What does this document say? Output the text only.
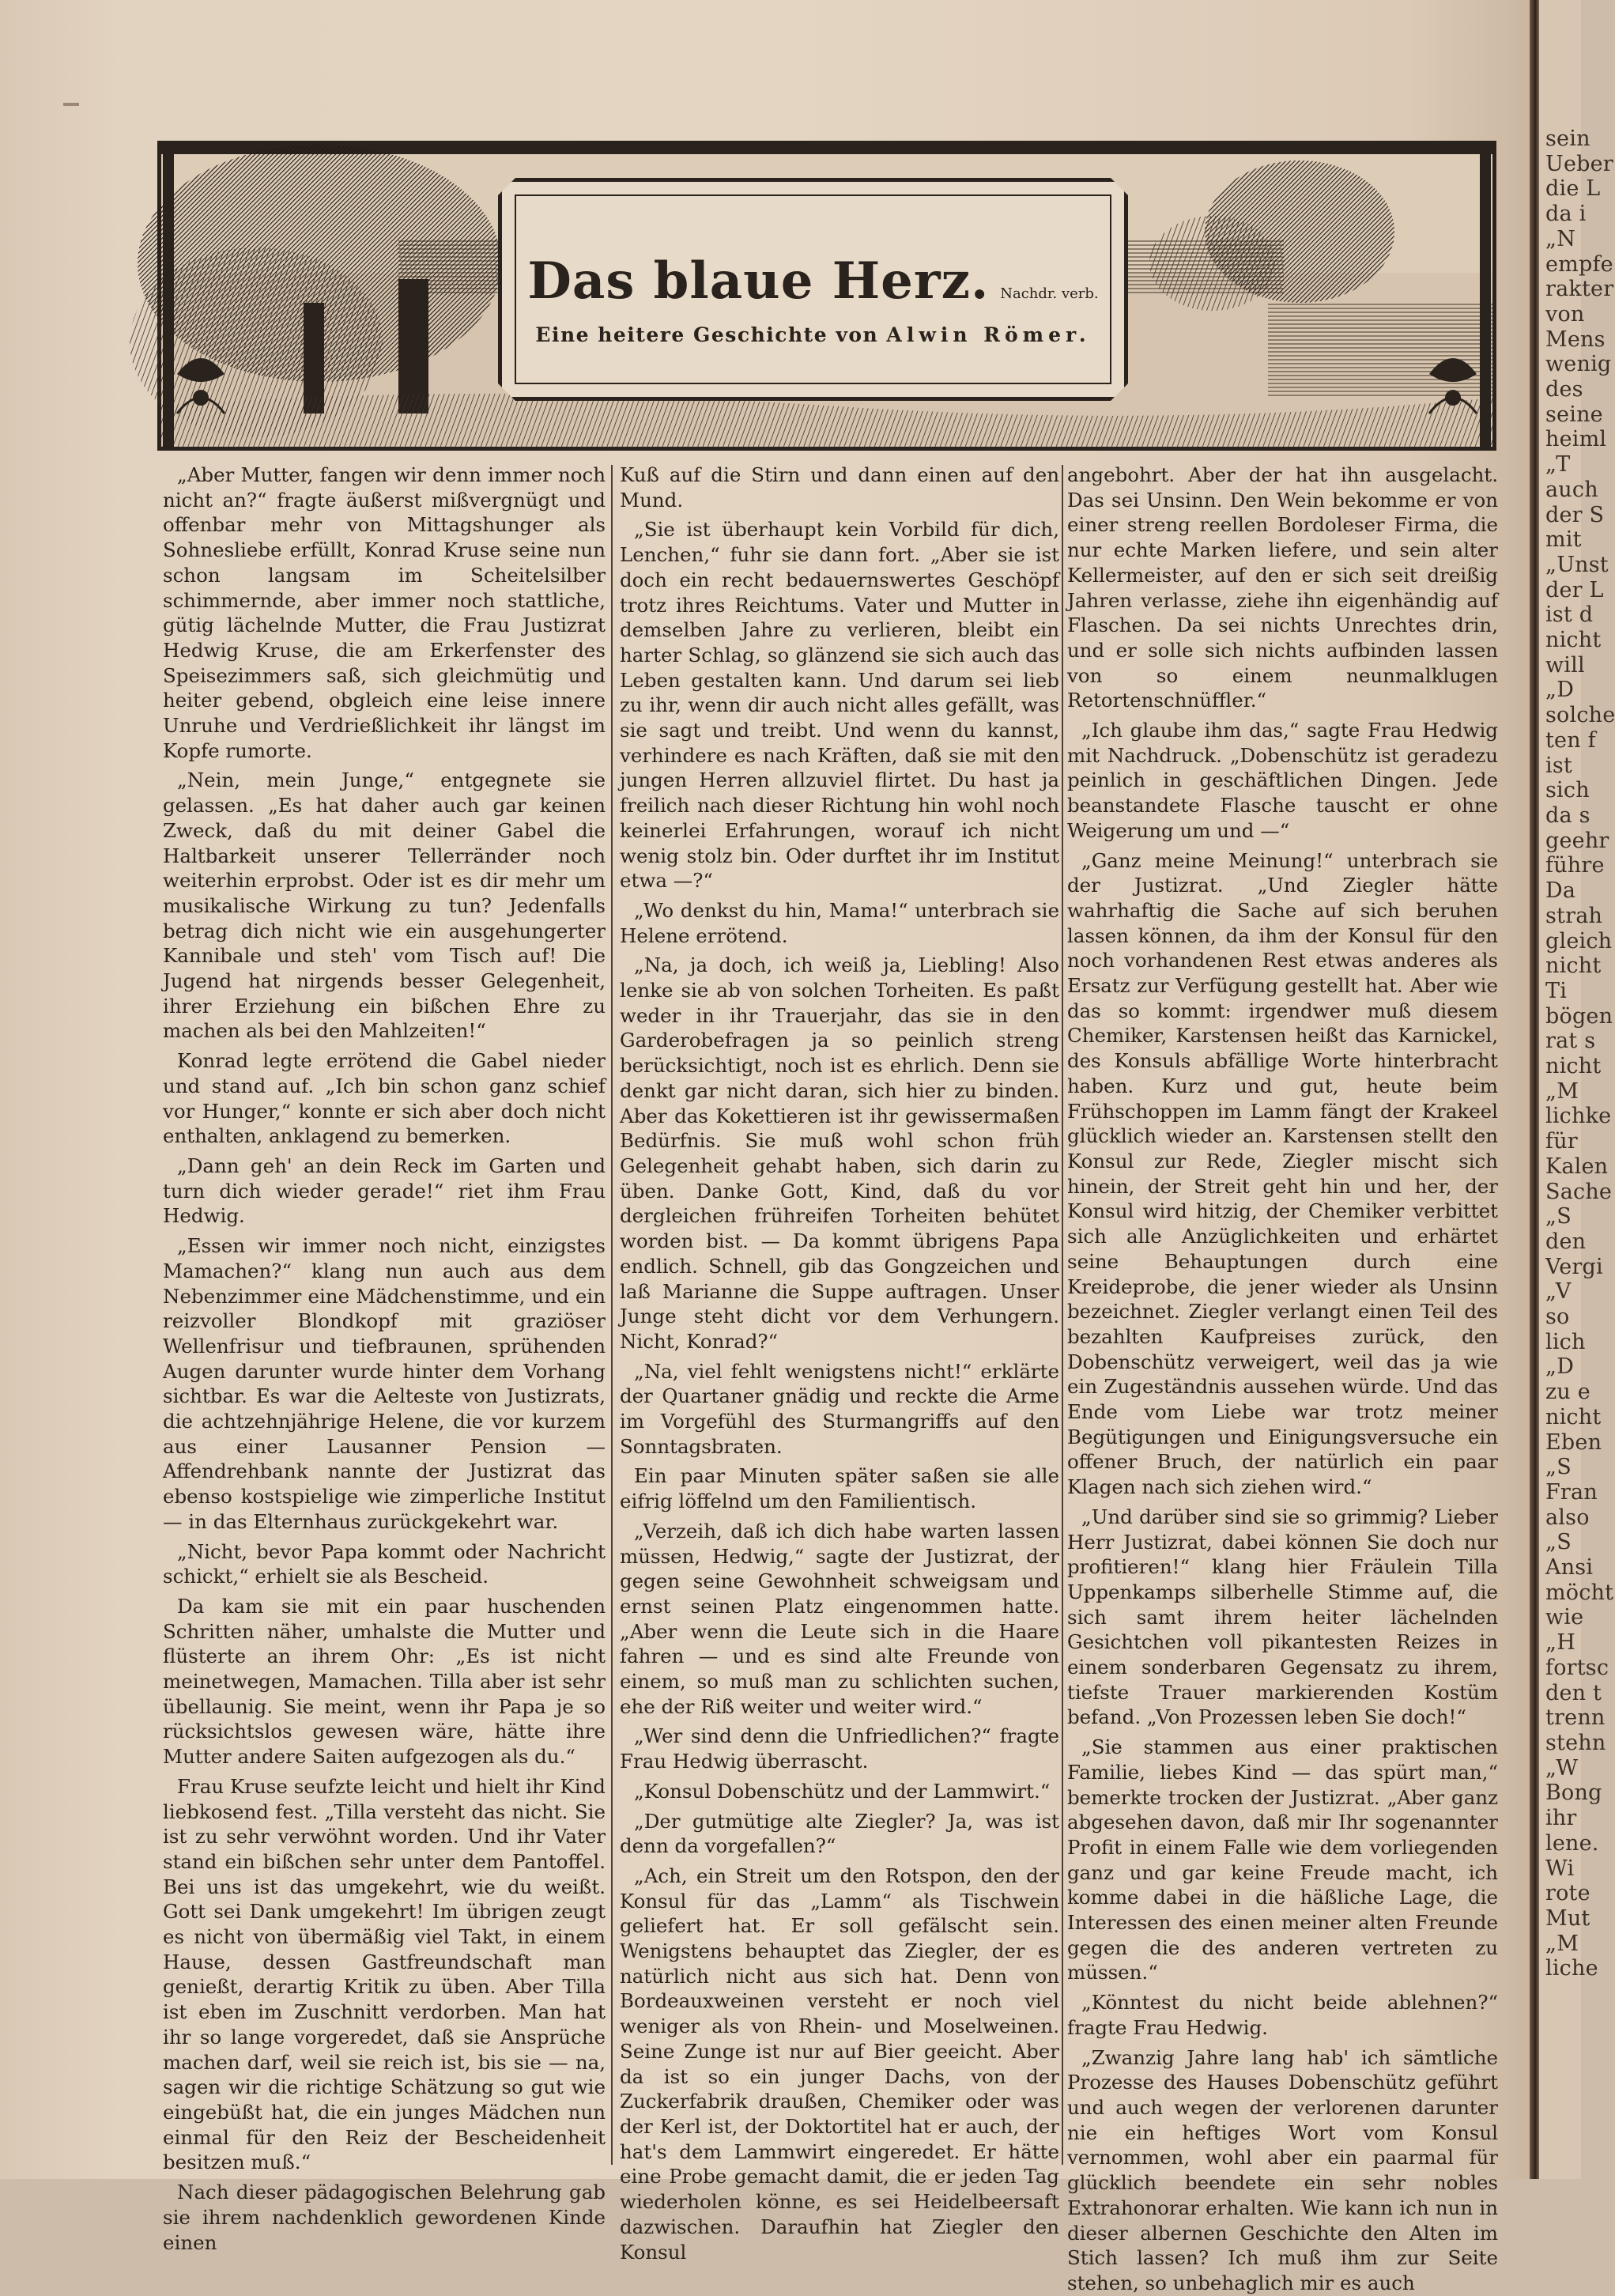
Das blaue Herz. Nachdr. verb.
Eine heitere Geschichte von Alwin Römer.

„Aber Mutter, fangen wir denn immer noch nicht an?“ fragte äußerst mißvergnügt und offenbar mehr von Mittagshunger als Sohnesliebe erfüllt, Konrad Kruse seine nun schon langsam im Scheitelsilber schimmernde, aber immer noch stattliche, gütig lächelnde Mutter, die Frau Justizrat Hedwig Kruse, die am Erkerfenster des Speisezimmers saß, sich gleichmütig und heiter gebend, obgleich eine leise innere Unruhe und Verdrießlichkeit ihr längst im Kopfe rumorte.

„Nein, mein Junge,“ entgegnete sie gelassen. „Es hat daher auch gar keinen Zweck, daß du mit deiner Gabel die Haltbarkeit unserer Tellerränder noch weiterhin erprobst. Oder ist es dir mehr um musikalische Wirkung zu tun? Jedenfalls betrag dich nicht wie ein ausgehungerter Kannibale und steh' vom Tisch auf! Die Jugend hat nirgends besser Gelegenheit, ihrer Erziehung ein bißchen Ehre zu machen als bei den Mahlzeiten!“

Konrad legte errötend die Gabel nieder und stand auf. „Ich bin schon ganz schief vor Hunger,“ konnte er sich aber doch nicht enthalten, anklagend zu bemerken.

„Dann geh' an dein Reck im Garten und turn dich wieder gerade!“ riet ihm Frau Hedwig.

„Essen wir immer noch nicht, einzigstes Mamachen?“ klang nun auch aus dem Nebenzimmer eine Mädchenstimme, und ein reizvoller Blondkopf mit graziöser Wellenfrisur und tiefbraunen, sprühenden Augen darunter wurde hinter dem Vorhang sichtbar. Es war die Aelteste von Justizrats, die achtzehnjährige Helene, die vor kurzem aus einer Lausanner Pension — Affendrehbank nannte der Justizrat das ebenso kostspielige wie zimperliche Institut — in das Elternhaus zurückgekehrt war.

„Nicht, bevor Papa kommt oder Nachricht schickt,“ erhielt sie als Bescheid.

Da kam sie mit ein paar huschenden Schritten näher, umhalste die Mutter und flüsterte an ihrem Ohr: „Es ist nicht meinetwegen, Mamachen. Tilla aber ist sehr übellaunig. Sie meint, wenn ihr Papa je so rücksichtslos gewesen wäre, hätte ihre Mutter andere Saiten aufgezogen als du.“

Frau Kruse seufzte leicht und hielt ihr Kind liebkosend fest. „Tilla versteht das nicht. Sie ist zu sehr verwöhnt worden. Und ihr Vater stand ein bißchen sehr unter dem Pantoffel. Bei uns ist das umgekehrt, wie du weißt. Gott sei Dank umgekehrt! Im übrigen zeugt es nicht von übermäßig viel Takt, in einem Hause, dessen Gastfreundschaft man genießt, derartig Kritik zu üben. Aber Tilla ist eben im Zuschnitt verdorben. Man hat ihr so lange vorgeredet, daß sie Ansprüche machen darf, weil sie reich ist, bis sie — na, sagen wir die richtige Schätzung so gut wie eingebüßt hat, die ein junges Mädchen nun einmal für den Reiz der Bescheidenheit besitzen muß.“

Nach dieser pädagogischen Belehrung gab sie ihrem nachdenklich gewordenen Kinde einen

Kuß auf die Stirn und dann einen auf den Mund.

„Sie ist überhaupt kein Vorbild für dich, Lenchen,“ fuhr sie dann fort. „Aber sie ist doch ein recht bedauernswertes Geschöpf trotz ihres Reichtums. Vater und Mutter in demselben Jahre zu verlieren, bleibt ein harter Schlag, so glänzend sie sich auch das Leben gestalten kann. Und darum sei lieb zu ihr, wenn dir auch nicht alles gefällt, was sie sagt und treibt. Und wenn du kannst, verhindere es nach Kräften, daß sie mit den jungen Herren allzuviel flirtet. Du hast ja freilich nach dieser Richtung hin wohl noch keinerlei Erfahrungen, worauf ich nicht wenig stolz bin. Oder durftet ihr im Institut etwa —?“

„Wo denkst du hin, Mama!“ unterbrach sie Helene errötend.

„Na, ja doch, ich weiß ja, Liebling! Also lenke sie ab von solchen Torheiten. Es paßt weder in ihr Trauerjahr, das sie in den Garderobefragen ja so peinlich streng berücksichtigt, noch ist es ehrlich. Denn sie denkt gar nicht daran, sich hier zu binden. Aber das Kokettieren ist ihr gewissermaßen Bedürfnis. Sie muß wohl schon früh Gelegenheit gehabt haben, sich darin zu üben. Danke Gott, Kind, daß du vor dergleichen frühreifen Torheiten behütet worden bist. — Da kommt übrigens Papa endlich. Schnell, gib das Gongzeichen und laß Marianne die Suppe auftragen. Unser Junge steht dicht vor dem Verhungern. Nicht, Konrad?“

„Na, viel fehlt wenigstens nicht!“ erklärte der Quartaner gnädig und reckte die Arme im Vorgefühl des Sturmangriffs auf den Sonntagsbraten.

Ein paar Minuten später saßen sie alle eifrig löffelnd um den Familientisch.

„Verzeih, daß ich dich habe warten lassen müssen, Hedwig,“ sagte der Justizrat, der gegen seine Gewohnheit schweigsam und ernst seinen Platz eingenommen hatte. „Aber wenn die Leute sich in die Haare fahren — und es sind alte Freunde von einem, so muß man zu schlichten suchen, ehe der Riß weiter und weiter wird.“

„Wer sind denn die Unfriedlichen?“ fragte Frau Hedwig überrascht.

„Konsul Dobenschütz und der Lammwirt.“

„Der gutmütige alte Ziegler? Ja, was ist denn da vorgefallen?“

„Ach, ein Streit um den Rotspon, den der Konsul für das „Lamm“ als Tischwein geliefert hat. Er soll gefälscht sein. Wenigstens behauptet das Ziegler, der es natürlich nicht aus sich hat. Denn von Bordeauxweinen versteht er noch viel weniger als von Rhein- und Moselweinen. Seine Zunge ist nur auf Bier geeicht. Aber da ist so ein junger Dachs, von der Zuckerfabrik draußen, Chemiker oder was der Kerl ist, der Doktortitel hat er auch, der hat's dem Lammwirt eingeredet. Er hätte eine Probe gemacht damit, die er jeden Tag wiederholen könne, es sei Heidelbeersaft dazwischen. Daraufhin hat Ziegler den Konsul

angebohrt. Aber der hat ihn ausgelacht. Das sei Unsinn. Den Wein bekomme er von einer streng reellen Bordoleser Firma, die nur echte Marken liefere, und sein alter Kellermeister, auf den er sich seit dreißig Jahren verlasse, ziehe ihn eigenhändig auf Flaschen. Da sei nichts Unrechtes drin, und er solle sich nichts aufbinden lassen von so einem neunmalklugen Retortenschnüffler.“

„Ich glaube ihm das,“ sagte Frau Hedwig mit Nachdruck. „Dobenschütz ist geradezu peinlich in geschäftlichen Dingen. Jede beanstandete Flasche tauscht er ohne Weigerung um und —“

„Ganz meine Meinung!“ unterbrach sie der Justizrat. „Und Ziegler hätte wahrhaftig die Sache auf sich beruhen lassen können, da ihm der Konsul für den noch vorhandenen Rest etwas anderes als Ersatz zur Verfügung gestellt hat. Aber wie das so kommt: irgendwer muß diesem Chemiker, Karstensen heißt das Karnickel, des Konsuls abfällige Worte hinterbracht haben. Kurz und gut, heute beim Frühschoppen im Lamm fängt der Krakeel glücklich wieder an. Karstensen stellt den Konsul zur Rede, Ziegler mischt sich hinein, der Streit geht hin und her, der Konsul wird hitzig, der Chemiker verbittet sich alle Anzüglichkeiten und erhärtet seine Behauptungen durch eine Kreideprobe, die jener wieder als Unsinn bezeichnet. Ziegler verlangt einen Teil des bezahlten Kaufpreises zurück, den Dobenschütz verweigert, weil das ja wie ein Zugeständnis aussehen würde. Und das Ende vom Liebe war trotz meiner Begütigungen und Einigungsversuche ein offener Bruch, der natürlich ein paar Klagen nach sich ziehen wird.“

„Und darüber sind sie so grimmig? Lieber Herr Justizrat, dabei können Sie doch nur profitieren!“ klang hier Fräulein Tilla Uppenkamps silberhelle Stimme auf, die sich samt ihrem heiter lächelnden Gesichtchen voll pikantesten Reizes in einem sonderbaren Gegensatz zu ihrem, tiefste Trauer markierenden Kostüm befand. „Von Prozessen leben Sie doch!“

„Sie stammen aus einer praktischen Familie, liebes Kind — das spürt man,“ bemerkte trocken der Justizrat. „Aber ganz abgesehen davon, daß mir Ihr sogenannter Profit in einem Falle wie dem vorliegenden ganz und gar keine Freude macht, ich komme dabei in die häßliche Lage, die Interessen des einen meiner alten Freunde gegen die des anderen vertreten zu müssen.“

„Könntest du nicht beide ablehnen?“ fragte Frau Hedwig.

„Zwanzig Jahre lang hab' ich sämtliche Prozesse des Hauses Dobenschütz geführt und auch wegen der verlorenen darunter nie ein heftiges Wort vom Konsul vernommen, wohl aber ein paarmal für glücklich beendete ein sehr nobles Extrahonorar erhalten. Wie kann ich nun in dieser albernen Geschichte den Alten im Stich lassen? Ich muß ihm zur Seite stehen, so unbehaglich mir es auch

sein
Ueber
die L
da i
„N
empfe
rakter
von
Mens
wenig
des
seine
heiml
„T
auch
der S
mit
„Unst
der L
ist d
nicht
will
„D
solche
ten f
ist
sich
da s
geehr
führe
Da
strah
gleich
nicht
Ti
bögen
rat s
nicht
„M
lichke
für
Kalen
Sache
„S
den
Vergi
„V
so
lich
„D
zu e
nicht
Eben
„S
Fran
also
„S
Ansi
möcht
wie
„H
fortsc
den t
trenn
stehn
„W
Bong
ihr
lene.
Wi
rote
Mut
„M
liche
